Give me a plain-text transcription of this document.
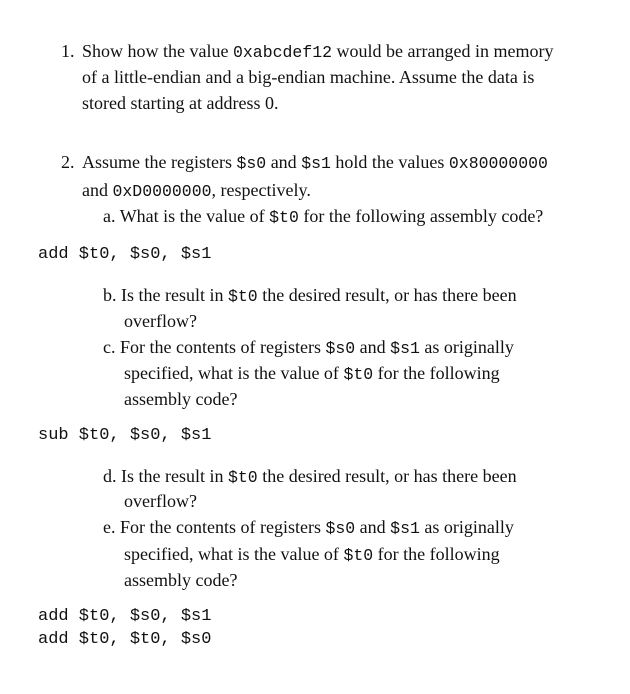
1. Show how the value 0xabcdef12 would be arranged in memory
of a little-endian and a big-endian machine. Assume the data is
stored starting at address 0.
2. Assume the registers $s0 and $s1 hold the values 0x80000000
and 0xD0000000, respectively.
a. What is the value of $t0 for the following assembly code?
add $t0, $s0, $s1
b. Is the result in $t0 the desired result, or has there been
overflow?
c. For the contents of registers $s0 and $s1 as originally
specified, what is the value of $t0 for the following
assembly code?
sub $t0, $s0, $s1
d. Is the result in $t0 the desired result, or has there been
overflow?
e. For the contents of registers $s0 and $s1 as originally
specified, what is the value of $t0 for the following
assembly code?
add $t0, $s0, $s1
add $t0, $t0, $s0
